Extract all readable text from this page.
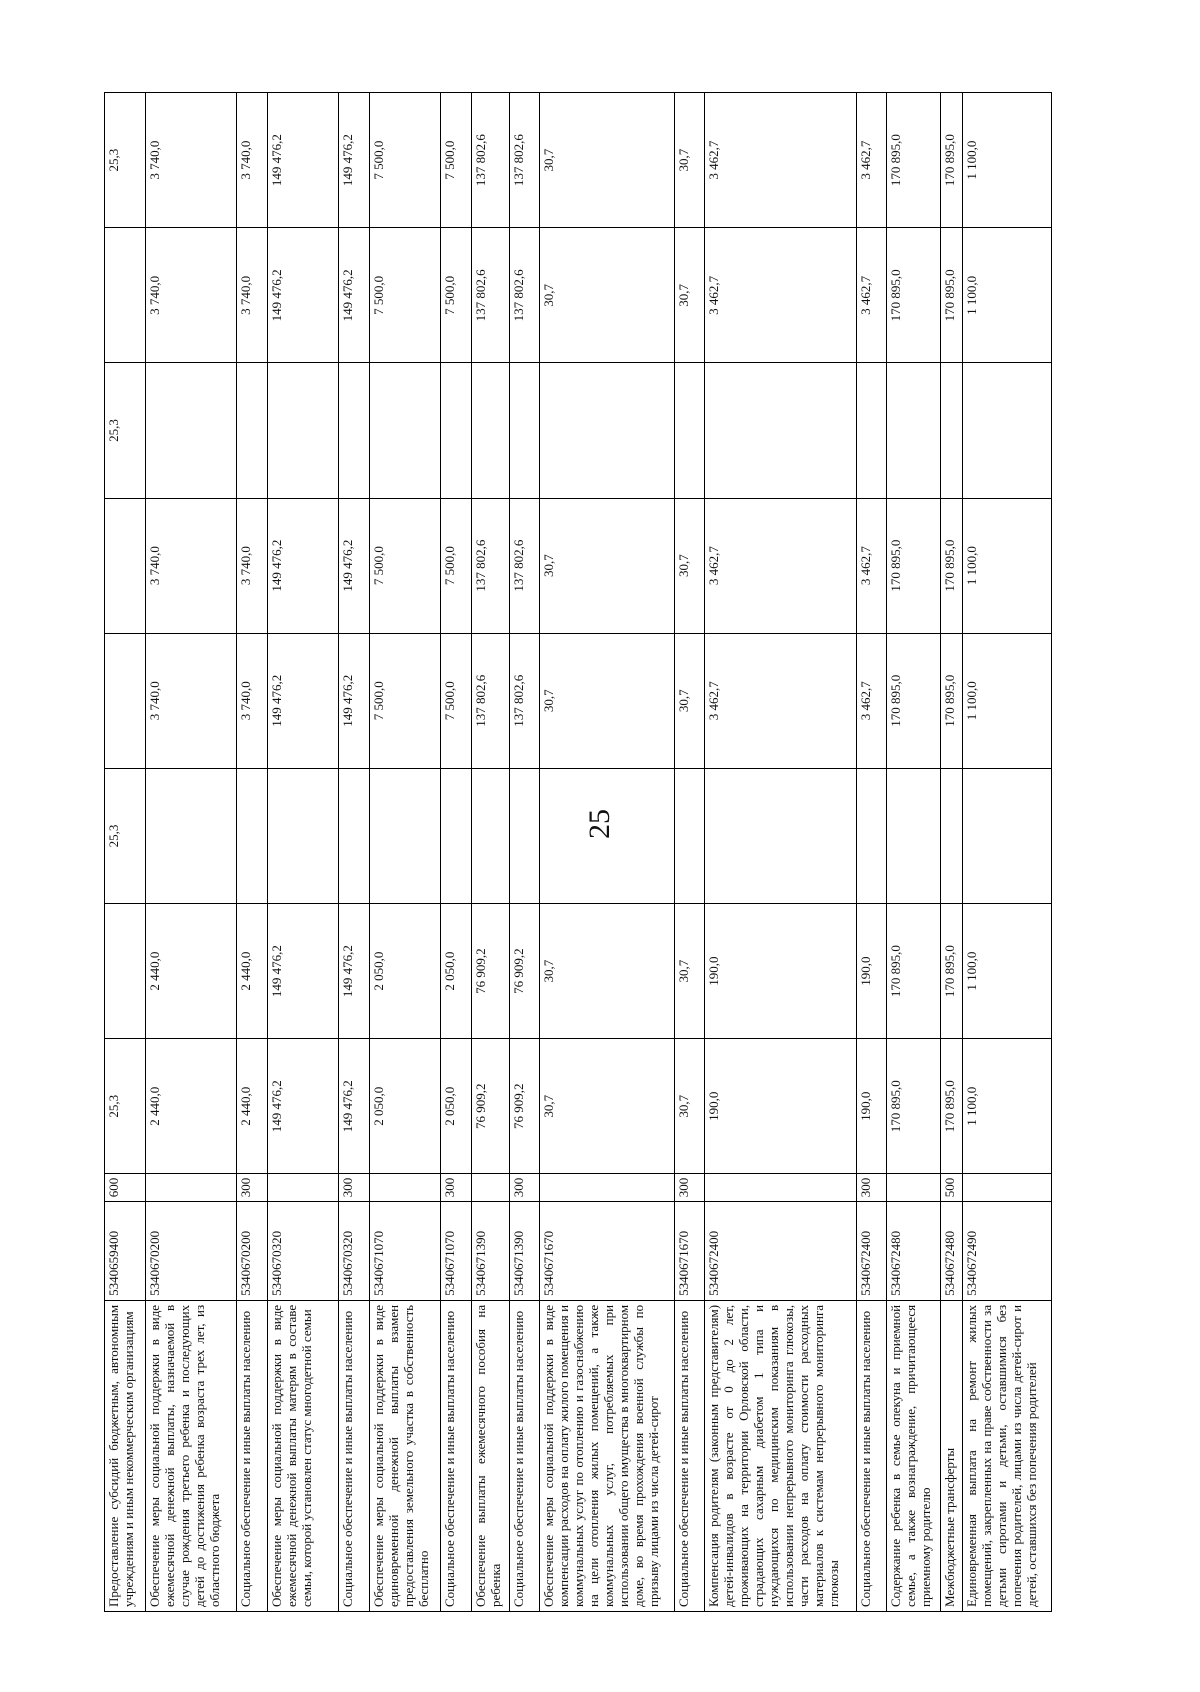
25
Предоставление субсидий бюджетным, автономным учреждениям и иным некоммерческим организациям	5340659400	600	25,3		25,3			25,3		25,3
Обеспечение меры социальной поддержки в виде ежемесячной денежной выплаты, назначаемой в случае рождения третьего ребенка и последующих детей до достижения ребенка возраста трех лет, из областного бюджета	5340670200		2 440,0	2 440,0		3 740,0	3 740,0		3 740,0	3 740,0
Социальное обеспечение и иные выплаты населению	5340670200	300	2 440,0	2 440,0		3 740,0	3 740,0		3 740,0	3 740,0
Обеспечение меры социальной поддержки в виде ежемесячной денежной выплаты матерям в составе семьи, которой установлен статус многодетной семьи	5340670320		149 476,2	149 476,2		149 476,2	149 476,2		149 476,2	149 476,2
Социальное обеспечение и иные выплаты населению	5340670320	300	149 476,2	149 476,2		149 476,2	149 476,2		149 476,2	149 476,2
Обеспечение меры социальной поддержки в виде единовременной денежной выплаты взамен предоставления земельного участка в собственность бесплатно	5340671070		2 050,0	2 050,0		7 500,0	7 500,0		7 500,0	7 500,0
Социальное обеспечение и иные выплаты населению	5340671070	300	2 050,0	2 050,0		7 500,0	7 500,0		7 500,0	7 500,0
Обеспечение выплаты ежемесячного пособия на ребенка	5340671390		76 909,2	76 909,2		137 802,6	137 802,6		137 802,6	137 802,6
Социальное обеспечение и иные выплаты населению	5340671390	300	76 909,2	76 909,2		137 802,6	137 802,6		137 802,6	137 802,6
Обеспечение меры социальной поддержки в виде компенсации расходов на оплату жилого помещения и коммунальных услуг по отоплению и газоснабжению на цели отопления жилых помещений, а также коммунальных услуг, потребляемых при использовании общего имущества в многоквартирном доме, во время прохождения военной службы по призыву лицами из числа детей-сирот	5340671670		30,7	30,7		30,7	30,7		30,7	30,7
Социальное обеспечение и иные выплаты населению	5340671670	300	30,7	30,7		30,7	30,7		30,7	30,7
Компенсация родителям (законным представителям) детей-инвалидов в возрасте от 0 до 2 лет, проживающих на территории Орловской области, страдающих сахарным диабетом 1 типа и нуждающихся по медицинским показаниям в использовании непрерывного мониторинга глюкозы, части расходов на оплату стоимости расходных материалов к системам непрерывного мониторинга глюкозы	5340672400		190,0	190,0		3 462,7	3 462,7		3 462,7	3 462,7
Социальное обеспечение и иные выплаты населению	5340672400	300	190,0	190,0		3 462,7	3 462,7		3 462,7	3 462,7
Содержание ребенка в семье опекуна и приемной семье, а также вознаграждение, причитающееся приемному родителю	5340672480		170 895,0	170 895,0		170 895,0	170 895,0		170 895,0	170 895,0
Межбюджетные трансферты	5340672480	500	170 895,0	170 895,0		170 895,0	170 895,0		170 895,0	170 895,0
Единовременная выплата на ремонт жилых помещений, закрепленных на праве собственности за детьми сиротами и детьми, оставшимися без попечения родителей, лицами из числа детей-сирот и детей, оставшихся без попечения родителей	5340672490		1 100,0	1 100,0		1 100,0	1 100,0		1 100,0	1 100,0
